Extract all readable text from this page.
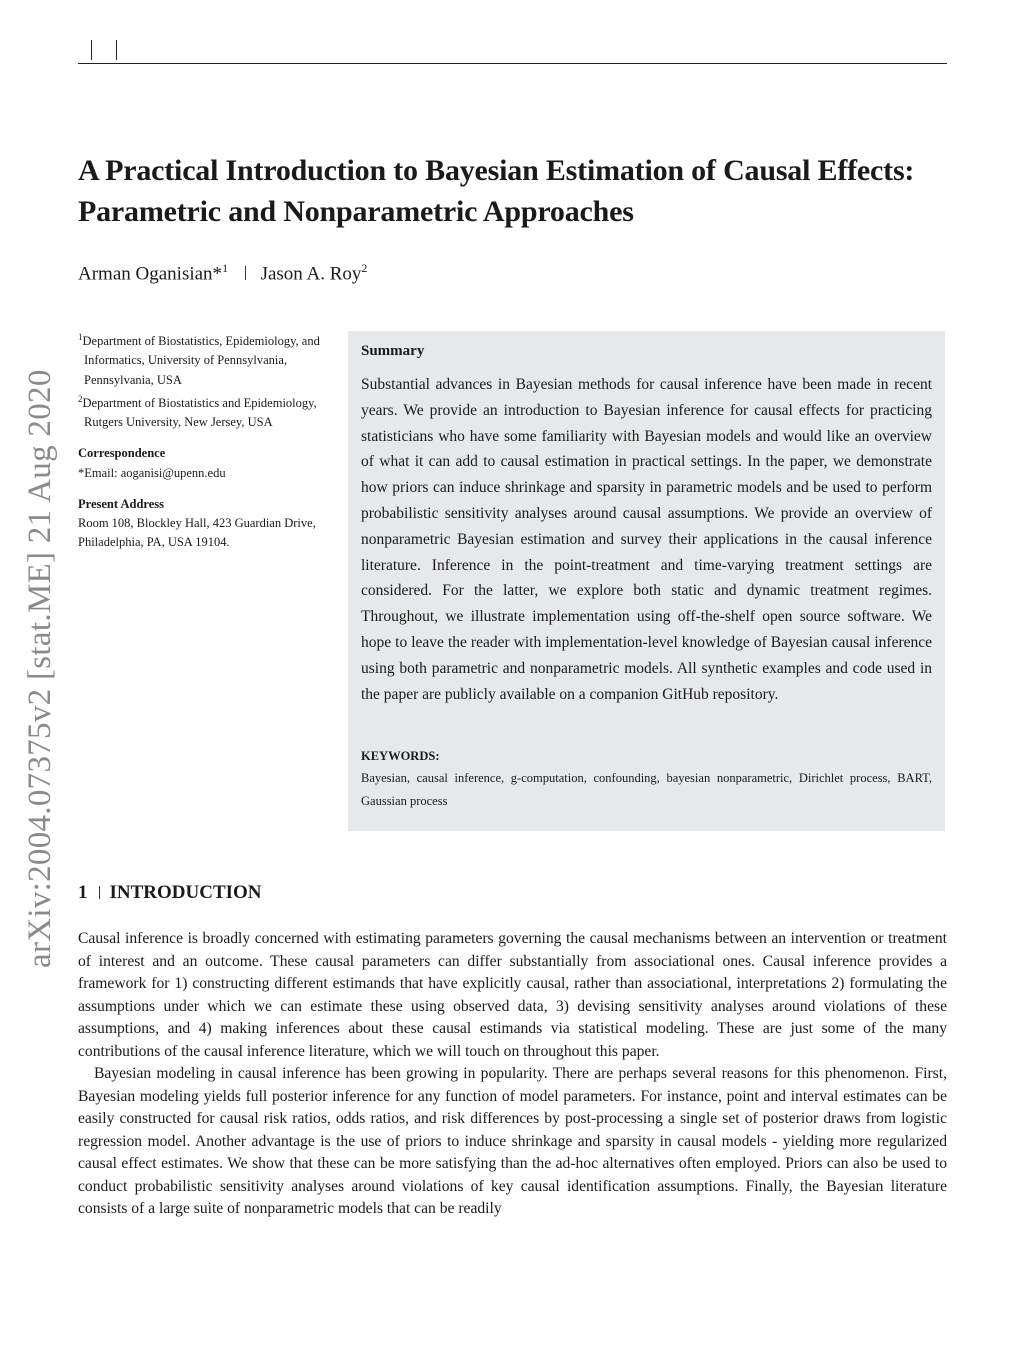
A Practical Introduction to Bayesian Estimation of Causal Effects: Parametric and Nonparametric Approaches
Arman Oganisian*$^1$ Jason A. Roy$^2$
arXiv:2004.07375v2 [stat.ME] 21 Aug 2020
$^1$Department of Biostatistics, Epidemiology, and Informatics, University of Pennsylvania, Pennsylvania, USA
$^2$Department of Biostatistics and Epidemiology, Rutgers University, New Jersey, USA
Correspondence
*Email: aoganisi@upenn.edu
Present Address
Room 108, Blockley Hall, 423 Guardian Drive, Philadelphia, PA, USA 19104.
Summary

Substantial advances in Bayesian methods for causal inference have been made in recent years. We provide an introduction to Bayesian inference for causal effects for practicing statisticians who have some familiarity with Bayesian models and would like an overview of what it can add to causal estimation in practical settings. In the paper, we demonstrate how priors can induce shrinkage and sparsity in parametric models and be used to perform probabilistic sensitivity analyses around causal assumptions. We provide an overview of nonparametric Bayesian estimation and survey their applications in the causal inference literature. Inference in the point-treatment and time-varying treatment settings are considered. For the latter, we explore both static and dynamic treatment regimes. Throughout, we illustrate implementation using off-the-shelf open source software. We hope to leave the reader with implementation-level knowledge of Bayesian causal inference using both parametric and nonparametric models. All synthetic examples and code used in the paper are publicly available on a companion GitHub repository.

KEYWORDS:
Bayesian, causal inference, g-computation, confounding, bayesian nonparametric, Dirichlet process, BART, Gaussian process
1 INTRODUCTION

Causal inference is broadly concerned with estimating parameters governing the causal mechanisms between an intervention or treatment of interest and an outcome. These causal parameters can differ substantially from associational ones. Causal inference provides a framework for 1) constructing different estimands that have explicitly causal, rather than associational, interpretations 2) formulating the assumptions under which we can estimate these using observed data, 3) devising sensitivity analyses around violations of these assumptions, and 4) making inferences about these causal estimands via statistical modeling. These are just some of the many contributions of the causal inference literature, which we will touch on throughout this paper.

Bayesian modeling in causal inference has been growing in popularity. There are perhaps several reasons for this phenomenon. First, Bayesian modeling yields full posterior inference for any function of model parameters. For instance, point and interval estimates can be easily constructed for causal risk ratios, odds ratios, and risk differences by post-processing a single set of posterior draws from logistic regression model. Another advantage is the use of priors to induce shrinkage and sparsity in causal models - yielding more regularized causal effect estimates. We show that these can be more satisfying than the ad-hoc alternatives often employed. Priors can also be used to conduct probabilistic sensitivity analyses around violations of key causal identification assumptions. Finally, the Bayesian literature consists of a large suite of nonparametric models that can be readily
